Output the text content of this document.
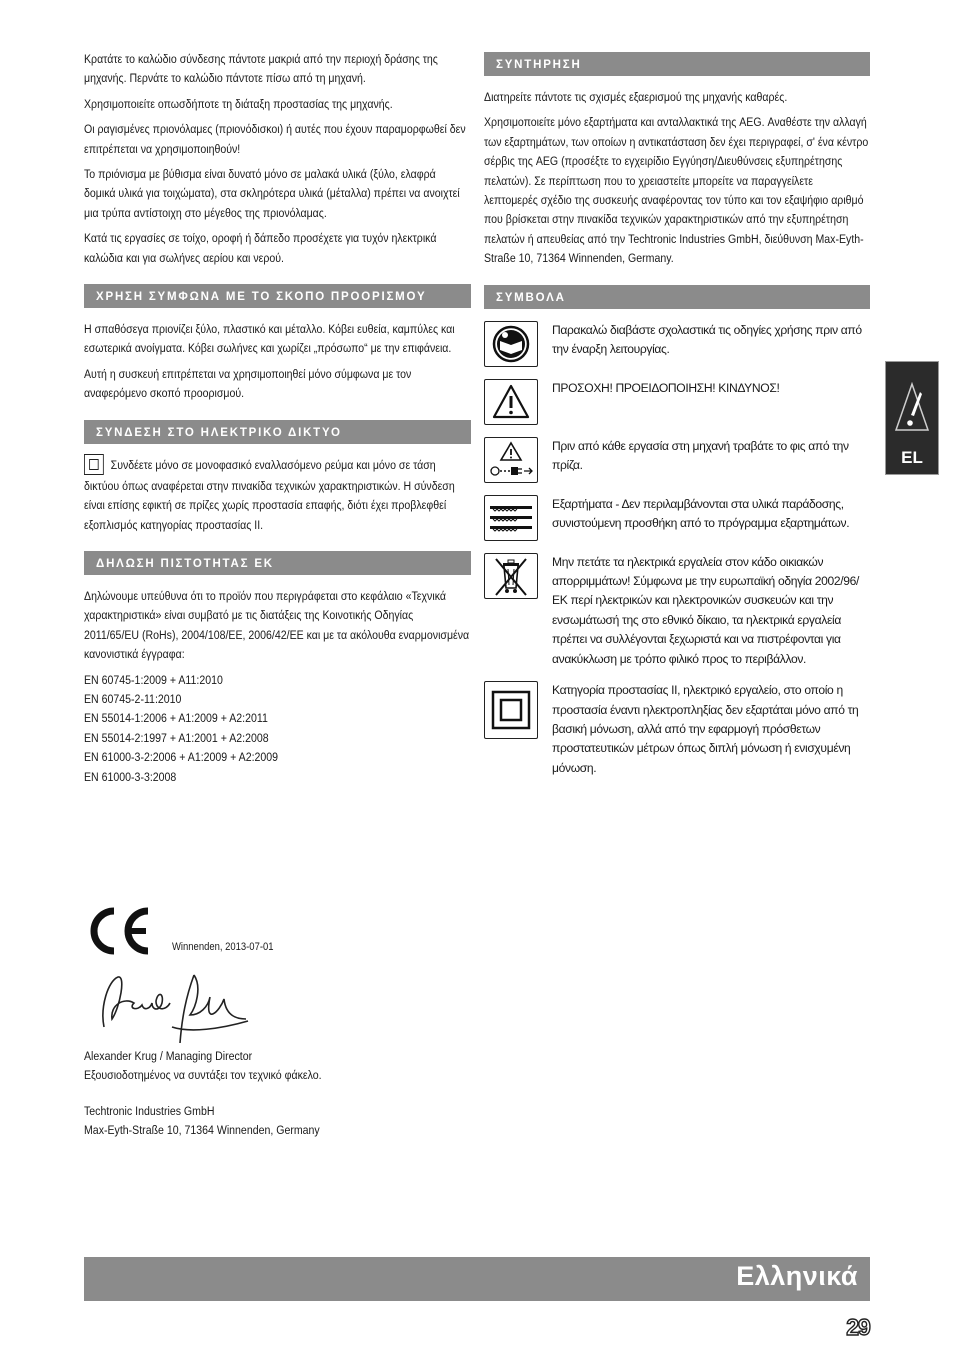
Κρατάτε το καλώδιο σύνδεσης πάντοτε μακριά από την περιοχή δράσης της μηχανής. Περνάτε το καλώδιο πάντοτε πίσω από τη μηχανή.

Χρησιμοποιείτε οπωσδήποτε τη διάταξη προστασίας της μηχανής.

Οι ραγισμένες πριονόλαμες (πριονόδισκοι) ή αυτές που έχουν παραμορφωθεί δεν επιτρέπεται να χρησιμοποιηθούν!

Το πριόνισμα με βύθισμα είναι δυνατό μόνο σε μαλακά υλικά (ξύλο, ελαφρά δομικά υλικά για τοιχώματα), στα σκληρότερα υλικά (μέταλλα) πρέπει να ανοιχτεί μια τρύπα αντίστοιχη στο μέγεθος της πριονόλαμας.

Κατά τις εργασίες σε τοίχο, οροφή ή δάπεδο προσέχετε για τυχόν ηλεκτρικά καλώδια και για σωλήνες αερίου και νερού.

ΧΡΗΣΗ ΣΥΜΦΩΝΑ ΜΕ ΤΟ ΣΚΟΠΟ ΠΡΟΟΡΙΣΜΟΥ

Η σπαθόσεγα πριονίζει ξύλο, πλαστικό και μέταλλο. Κόβει ευθεία, καμπύλες και εσωτερικά ανοίγματα. Κόβει σωλήνες και χωρίζει „πρόσωπο“ με την επιφάνεια.

Αυτή η συσκευή επιτρέπεται να χρησιμοποιηθεί μόνο σύμφωνα με τον αναφερόμενο σκοπό προορισμού.

ΣΥΝΔΕΣΗ ΣΤΟ ΗΛΕΚΤΡΙΚΟ ΔΙΚΤΥΟ

Συνδέετε μόνο σε μονοφασικό εναλλασόμενο ρεύμα και μόνο σε τάση δικτύου όπως αναφέρεται στην πινακίδα τεχνικών χαρακτηριστικών. Η σύνδεση είναι επίσης εφικτή σε πρίζες χωρίς προστασία επαφής, διότι έχει προβλεφθεί εξοπλισμός κατηγορίας προστασίας II.

ΔΗΛΩΣΗ ΠΙΣΤΟΤΗΤΑΣ ΕΚ

Δηλώνουμε υπεύθυνα ότι το προϊόν που περιγράφεται στο κεφάλαιο «Τεχνικά χαρακτηριστικά» είναι συμβατό με τις διατάξεις της Κοινοτικής Οδηγίας 2011/65/EU (RoHs), 2004/108/ΕΕ, 2006/42/ΕΕ και με τα ακόλουθα εναρμονισμένα κανονιστικά έγγραφα:

EN 60745-1:2009 + A11:2010

EN 60745-2-11:2010

EN 55014-1:2006 + A1:2009 + A2:2011

EN 55014-2:1997 + A1:2001 + A2:2008

EN 61000-3-2:2006 + A1:2009 + A2:2009

EN 61000-3-3:2008

Winnenden, 2013-07-01

Alexander Krug / Managing Director

Εξουσιοδοτημένος να συντάξει τον τεχνικό φάκελο.

Techtronic Industries GmbH

Max-Eyth-Straße 10, 71364 Winnenden, Germany

ΣΥΝΤΗΡΗΣΗ

Διατηρείτε πάντοτε τις σχισμές εξαερισμού της μηχανής καθαρές.

Χρησιμοποιείτε μόνο εξαρτήματα και ανταλλακτικά της AEG. Αναθέστε την αλλαγή των εξαρτημάτων, των οποίων η αντικατάσταση δεν έχει περιγραφεί, σ' ένα κέντρο σέρβις της AEG (προσέξτε το εγχειρίδιο Εγγύηση/Διευθύνσεις εξυπηρέτησης πελατών). Σε περίπτωση που το χρειαστείτε μπορείτε να παραγγείλετε λεπτομερές σχέδιο της συσκευής αναφέροντας τον τύπο και τον εξαψήφιο αριθμό που βρίσκεται στην πινακίδα τεχνικών χαρακτηριστικών από την εξυπηρέτηση πελατών ή απευθείας από την Techtronic Industries GmbH, διεύθυνση Max-Eyth-Straße 10, 71364 Winnenden, Germany.

ΣΥΜΒΟΛΑ

Παρακαλώ διαβάστε σχολαστικά τις οδηγίες χρήσης πριν από την έναρξη λειτουργίας.

ΠΡΟΣΟΧΗ! ΠΡΟΕΙΔΟΠΟΙΗΣΗ! ΚΙΝΔΥΝΟΣ!

Πριν από κάθε εργασία στη μηχανή τραβάτε το φις από την πρίζα.

Εξαρτήματα - Δεν περιλαμβάνονται στα υλικά παράδοσης, συνιστούμενη προσθήκη από το πρόγραμμα εξαρτημάτων.

Μην πετάτε τα ηλεκτρικά εργαλεία στον κάδο οικιακών απορριμμάτων! Σύμφωνα με την ευρωπαϊκή οδηγία 2002/96/ΕΚ περί ηλεκτρικών και ηλεκτρονικών συσκευών και την ενσωμάτωσή της στο εθνικό δίκαιο, τα ηλεκτρικά εργαλεία πρέπει να συλλέγονται ξεχωριστά και να πιστρέφονται για ανακύκλωση με τρόπο φιλικό προς το περιβάλλον.

Κατηγορία προστασίας II, ηλεκτρικό εργαλείο, στο οποίο η προστασία έναντι ηλεκτροπληξίας δεν εξαρτάται μόνο από τη βασική μόνωση, αλλά από την εφαρμογή πρόσθετων προστατευτικών μέτρων όπως διπλή μόνωση ή ενισχυμένη μόνωση.

EL
Ελληνικά
29
